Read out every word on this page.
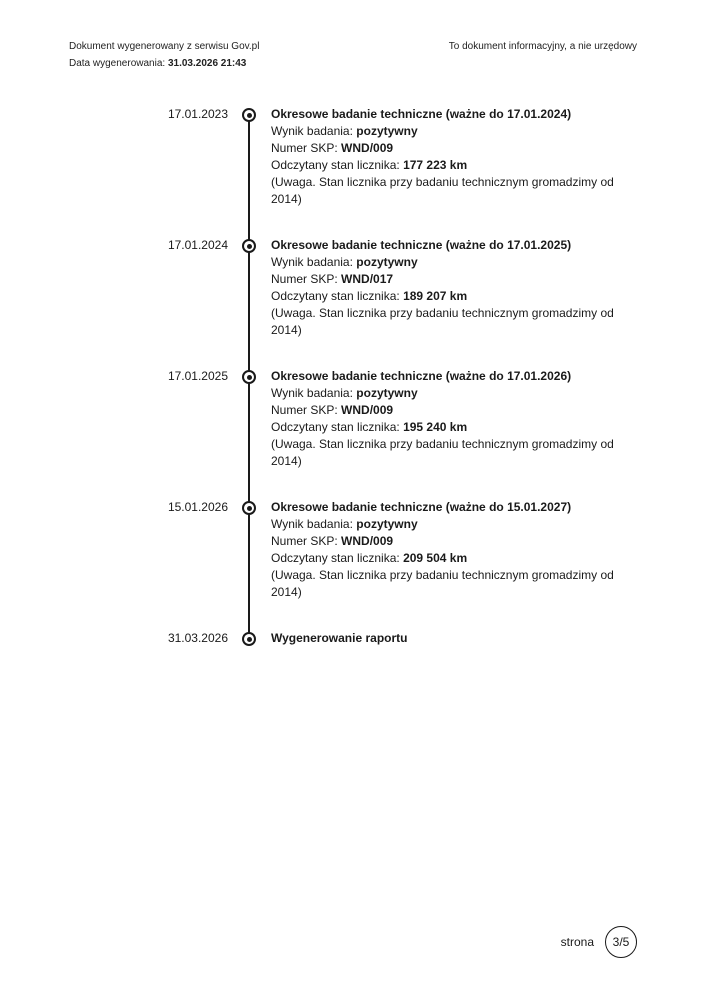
Dokument wygenerowany z serwisu Gov.pl
Data wygenerowania: 31.03.2026 21:43
To dokument informacyjny, a nie urzędowy
17.01.2023	Okresowe badanie techniczne (ważne do 17.01.2024)
Wynik badania: pozytywny
Numer SKP: WND/009
Odczytany stan licznika: 177 223 km
(Uwaga. Stan licznika przy badaniu technicznym gromadzimy od 2014)
17.01.2024	Okresowe badanie techniczne (ważne do 17.01.2025)
Wynik badania: pozytywny
Numer SKP: WND/017
Odczytany stan licznika: 189 207 km
(Uwaga. Stan licznika przy badaniu technicznym gromadzimy od 2014)
17.01.2025	Okresowe badanie techniczne (ważne do 17.01.2026)
Wynik badania: pozytywny
Numer SKP: WND/009
Odczytany stan licznika: 195 240 km
(Uwaga. Stan licznika przy badaniu technicznym gromadzimy od 2014)
15.01.2026	Okresowe badanie techniczne (ważne do 15.01.2027)
Wynik badania: pozytywny
Numer SKP: WND/009
Odczytany stan licznika: 209 504 km
(Uwaga. Stan licznika przy badaniu technicznym gromadzimy od 2014)
31.03.2026	Wygenerowanie raportu
strona	3/5
